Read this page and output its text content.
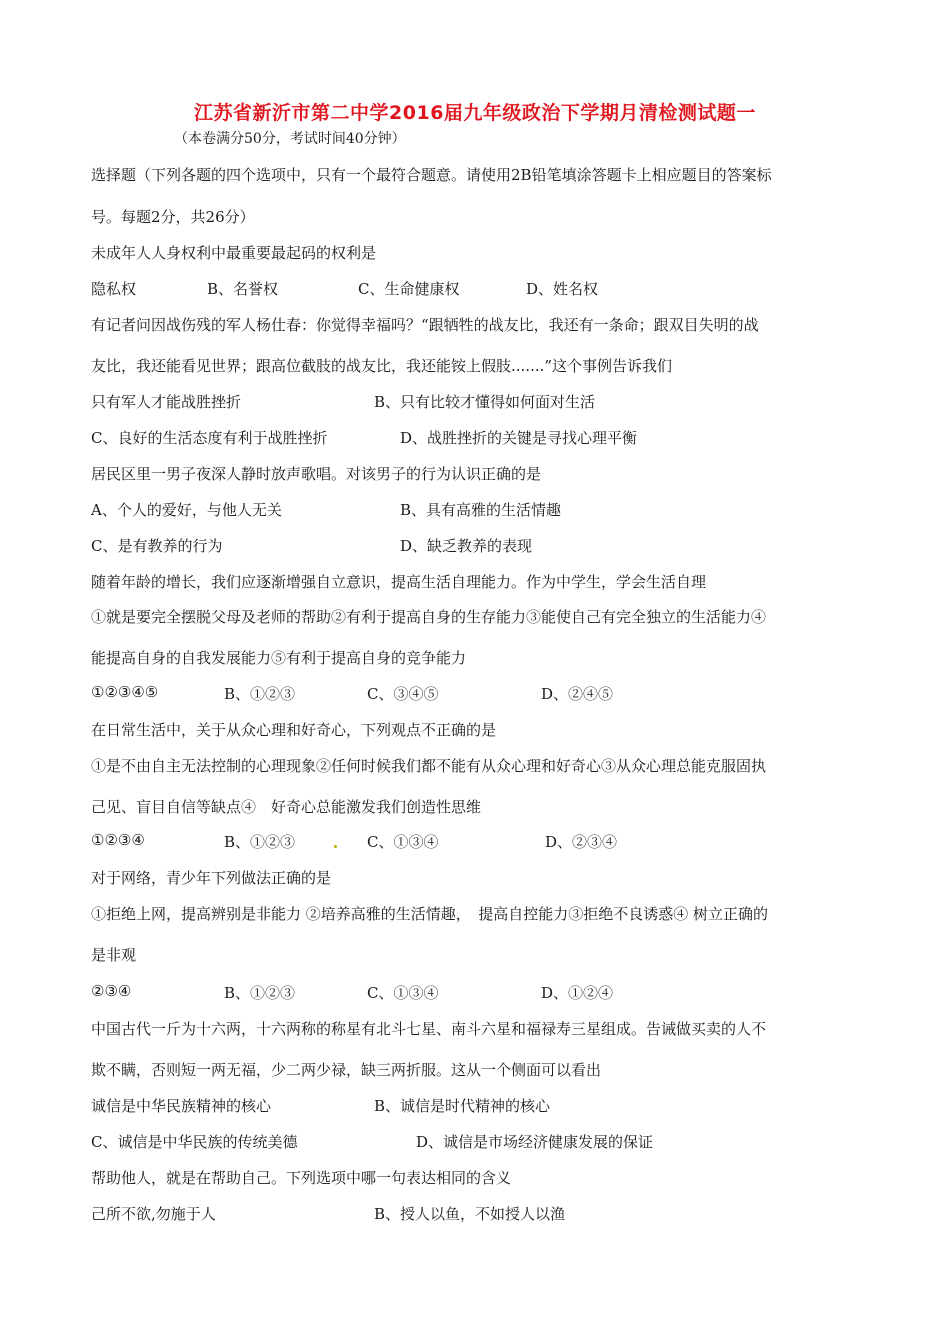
江苏省新沂市第二中学2016届九年级政治下学期月清检测试题一
（本卷满分50分，考试时间40分钟）
选择题（下列各题的四个选项中，只有一个最符合题意。请使用2B铅笔填涂答题卡上相应题目的答案标
号。每题2分，共26分）
未成年人人身权利中最重要最起码的权利是
隐私权	B、名誉权	C、生命健康权	D、姓名权
有记者问因战伤残的军人杨仕春：你觉得幸福吗？“跟牺牲的战友比，我还有一条命；跟双目失明的战
友比，我还能看见世界；跟高位截肢的战友比，我还能铵上假肢.......”这个事例告诉我们
只有军人才能战胜挫折	B、只有比较才懂得如何面对生活
C、良好的生活态度有利于战胜挫折	D、战胜挫折的关键是寻找心理平衡
居民区里一男子夜深人静时放声歌唱。对该男子的行为认识正确的是
A、个人的爱好，与他人无关	B、具有高雅的生活情趣
C、是有教养的行为	D、缺乏教养的表现
随着年龄的增长，我们应逐渐增强自立意识，提高生活自理能力。作为中学生，学会生活自理
①就是要完全摆脱父母及老师的帮助②有利于提高自身的生存能力③能使自己有完全独立的生活能力④
能提高自身的自我发展能力⑤有利于提高自身的竞争能力
①②③④⑤	B、①②③	C、③④⑤	D、②④⑤
在日常生活中，关于从众心理和好奇心，下列观点不正确的是
①是不由自主无法控制的心理现象②任何时候我们都不能有从众心理和好奇心③从众心理总能克服固执
己见、盲目自信等缺点④　好奇心总能激发我们创造性思维
①②③④	B、①②③	C、①③④	D、②③④
对于网络，青少年下列做法正确的是
①拒绝上网，提高辨别是非能力 ②培养高雅的生活情趣，　提高自控能力③拒绝不良诱惑④ 树立正确的
是非观
②③④	B、①②③	C、①③④	D、①②④
中国古代一斤为十六两，十六两称的称星有北斗七星、南斗六星和福禄寿三星组成。告诫做买卖的人不
欺不瞒，否则短一两无福，少二两少禄，缺三两折服。这从一个侧面可以看出
诚信是中华民族精神的核心	B、诚信是时代精神的核心
C、诚信是中华民族的传统美德	D、诚信是市场经济健康发展的保证
帮助他人，就是在帮助自己。下列选项中哪一句表达相同的含义
己所不欲,勿施于人	B、授人以鱼，不如授人以渔
